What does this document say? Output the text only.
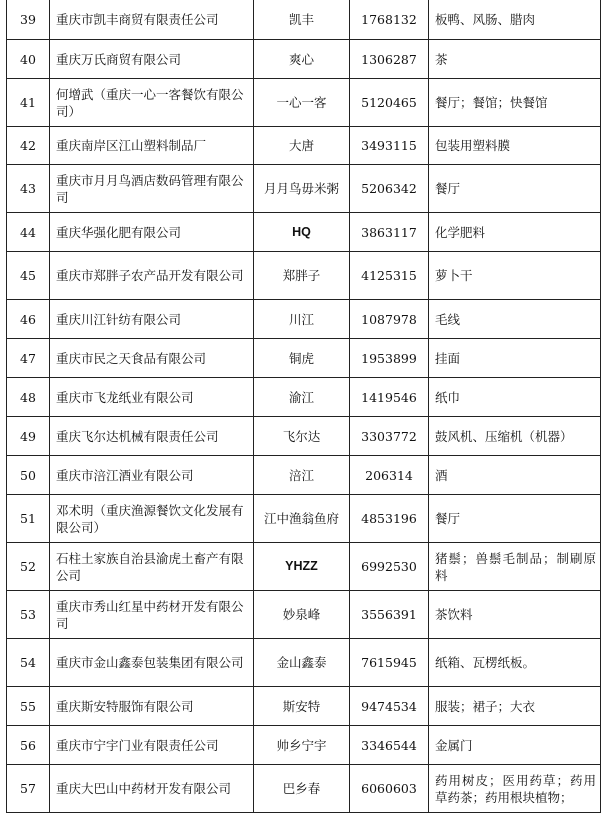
39	重庆市凯丰商贸有限责任公司	凯丰	1768132	板鸭、风肠、腊肉
40	重庆万氏商贸有限公司	爽心	1306287	茶
41	何增武（重庆一心一客餐饮有限公司）	一心一客	5120465	餐厅；餐馆；快餐馆
42	重庆南岸区江山塑料制品厂	大唐	3493115	包装用塑料膜
43	重庆市月月鸟酒店数码管理有限公司	月月鸟毋米粥	5206342	餐厅
44	重庆华强化肥有限公司	HQ	3863117	化学肥料
45	重庆市郑胖子农产品开发有限公司	郑胖子	4125315	萝卜干
46	重庆川江针纺有限公司	川江	1087978	毛线
47	重庆市民之天食品有限公司	铜虎	1953899	挂面
48	重庆市飞龙纸业有限公司	渝江	1419546	纸巾
49	重庆飞尔达机械有限责任公司	飞尔达	3303772	鼓风机、压缩机（机器）
50	重庆市涪江酒业有限公司	涪江	206314	酒
51	邓术明（重庆渔源餐饮文化发展有限公司）	江中渔翁鱼府	4853196	餐厅
52	石柱土家族自治县渝虎土畜产有限公司	YHZZ	6992530	猪鬃；兽鬃毛制品；制刷原料
53	重庆市秀山红星中药材开发有限公司	妙泉峰	3556391	茶饮料
54	重庆市金山鑫泰包装集团有限公司	金山鑫泰	7615945	纸箱、瓦楞纸板。
55	重庆斯安特服饰有限公司	斯安特	9474534	服装；裙子；大衣
56	重庆市宁宇门业有限责任公司	帅乡宁宇	3346544	金属门
57	重庆大巴山中药材开发有限公司	巴乡春	6060603	药用树皮；医用药草；药用草药茶；药用根块植物；
